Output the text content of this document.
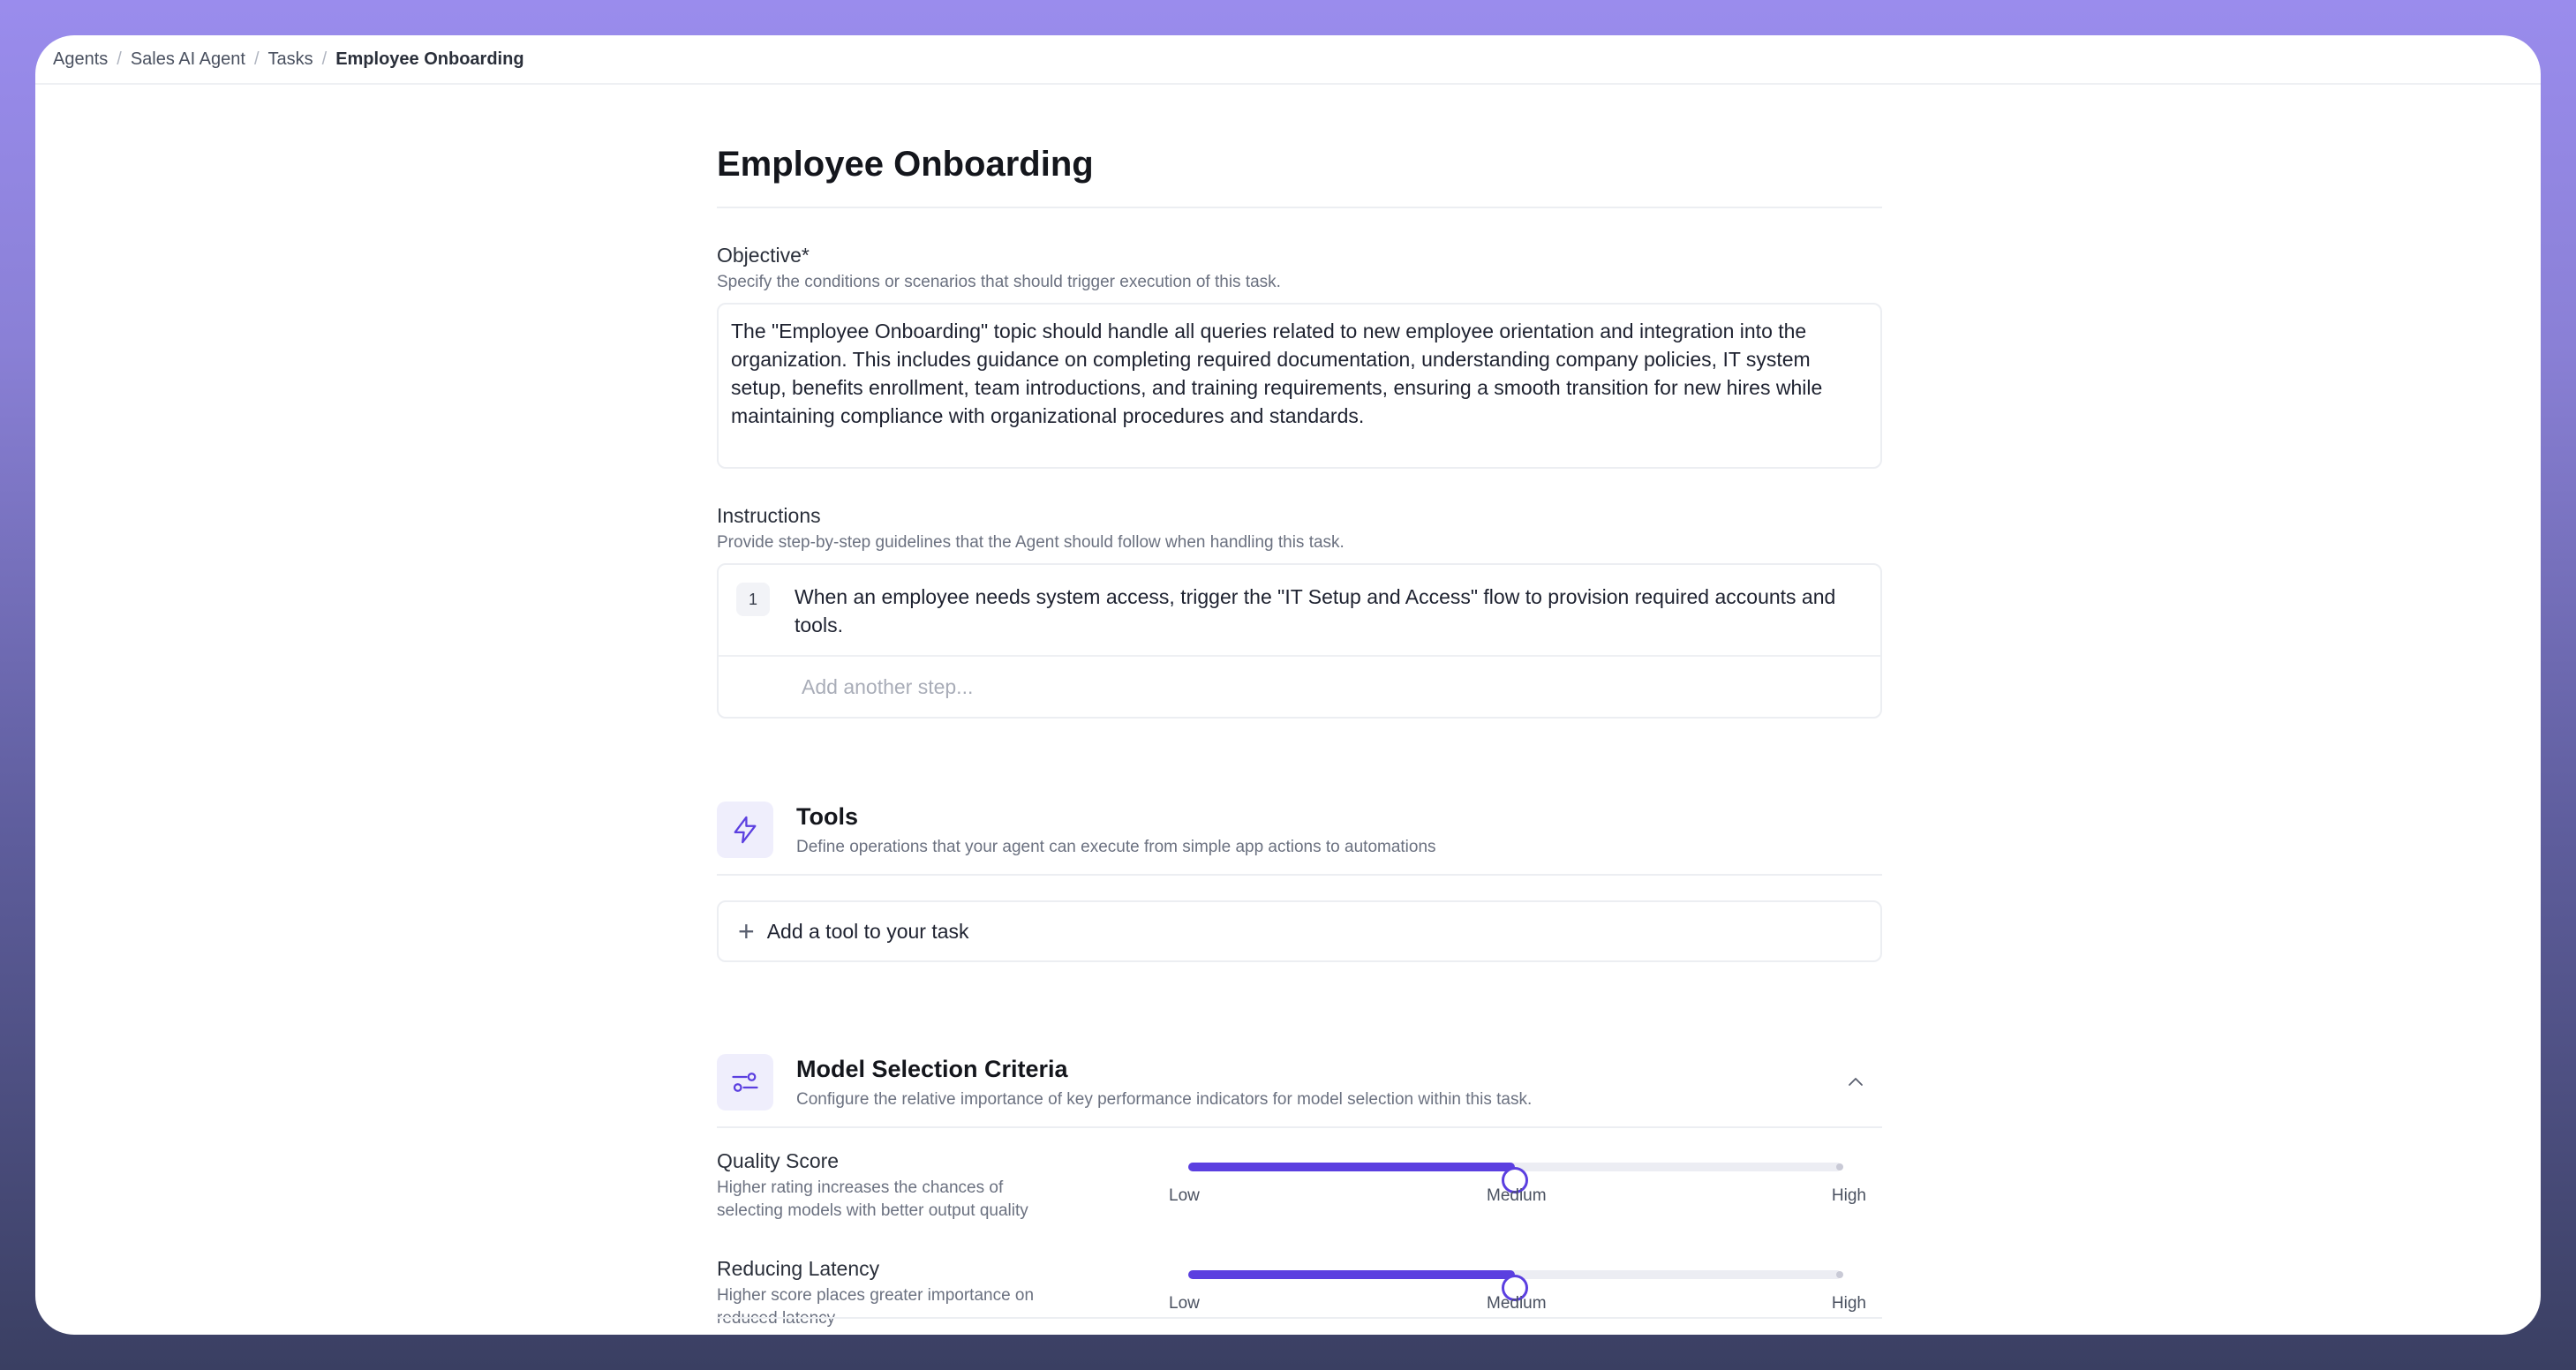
Agents / Sales AI Agent / Tasks / Employee Onboarding
Employee Onboarding
Objective*
Specify the conditions or scenarios that should trigger execution of this task.
The "Employee Onboarding" topic should handle all queries related to new employee orientation and integration into the organization. This includes guidance on completing required documentation, understanding company policies, IT system setup, benefits enrollment, team introductions, and training requirements, ensuring a smooth transition for new hires while maintaining compliance with organizational procedures and standards.
Instructions
Provide step-by-step guidelines that the Agent should follow when handling this task.
1	When an employee needs system access, trigger the "IT Setup and Access" flow to provision required accounts and tools.
Add another step...
Tools
Define operations that your agent can execute from simple app actions to automations
+ Add a tool to your task
Model Selection Criteria
Configure the relative importance of key performance indicators for model selection within this task.
Quality Score
Higher rating increases the chances of selecting models with better output quality
Low	Medium	High
Reducing Latency
Higher score places greater importance on reduced latency
Low	Medium	High
